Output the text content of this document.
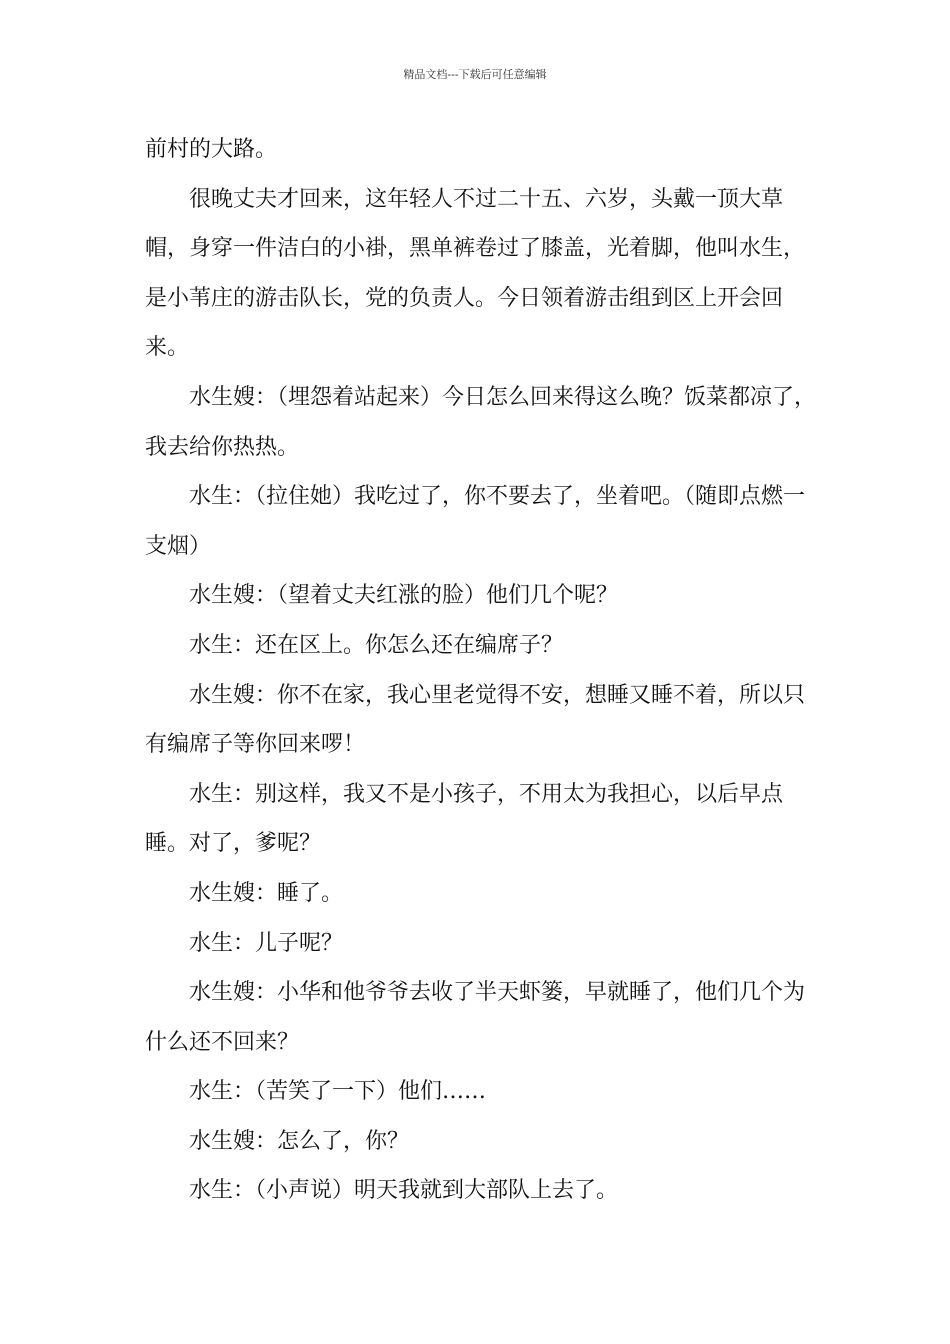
精品文档---下载后可任意编辑

前村的大路。

很晚丈夫才回来，这年轻人不过二十五、六岁，头戴一顶大草帽，身穿一件洁白的小褂，黑单裤卷过了膝盖，光着脚，他叫水生，是小苇庄的游击队长，党的负责人。今日领着游击组到区上开会回来。

水生嫂：（埋怨着站起来）今日怎么回来得这么晚？饭菜都凉了，我去给你热热。

水生：（拉住她）我吃过了，你不要去了，坐着吧。（随即点燃一支烟）

水生嫂：（望着丈夫红涨的脸）他们几个呢？

水生：还在区上。你怎么还在编席子？

水生嫂：你不在家，我心里老觉得不安，想睡又睡不着，所以只有编席子等你回来啰！

水生：别这样，我又不是小孩子，不用太为我担心，以后早点睡。对了，爹呢？

水生嫂：睡了。

水生：儿子呢？

水生嫂：小华和他爷爷去收了半天虾篓，早就睡了，他们几个为什么还不回来？

水生：（苦笑了一下）他们……

水生嫂：怎么了，你？

水生：（小声说）明天我就到大部队上去了。
